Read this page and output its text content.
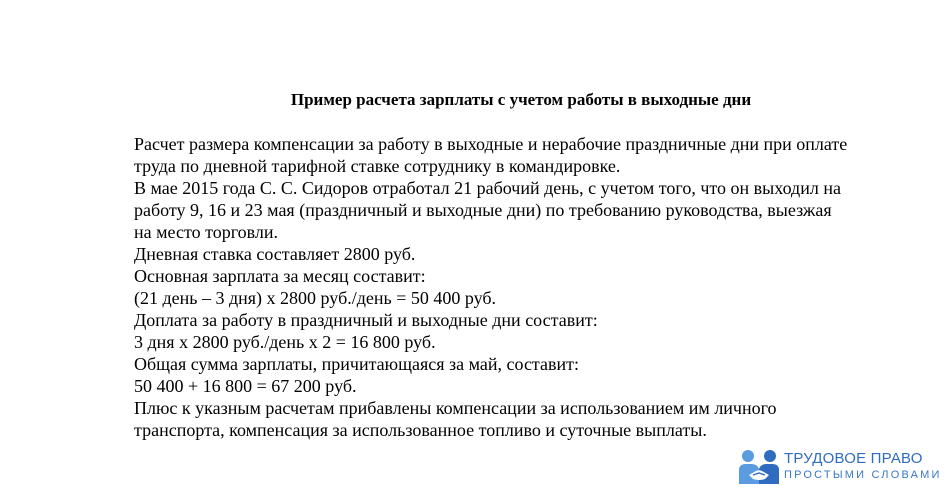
Пример расчета зарплаты с учетом работы в выходные дни

Расчет размера компенсации за работу в выходные и нерабочие праздничные дни при оплате
труда по дневной тарифной ставке сотруднику в командировке.

В мае 2015 года С. С. Сидоров отработал 21 рабочий день, с учетом того, что он выходил на
работу 9, 16 и 23 мая (праздничный и выходные дни) по требованию руководства, выезжая
на место торговли.

Дневная ставка составляет 2800 руб.

Основная зарплата за месяц составит:

(21 день – 3 дня) х 2800 руб./день = 50 400 руб.

Доплата за работу в праздничный и выходные дни составит:

3 дня х 2800 руб./день х 2 = 16 800 руб.

Общая сумма зарплаты, причитающаяся за май, составит:

50 400 + 16 800 = 67 200 руб.

Плюс к указным расчетам прибавлены компенсации за использованием им личного
транспорта, компенсация за использованное топливо и суточные выплаты.

ТРУДОВОЕ ПРАВО
ПРОСТЫМИ СЛОВАМИ
